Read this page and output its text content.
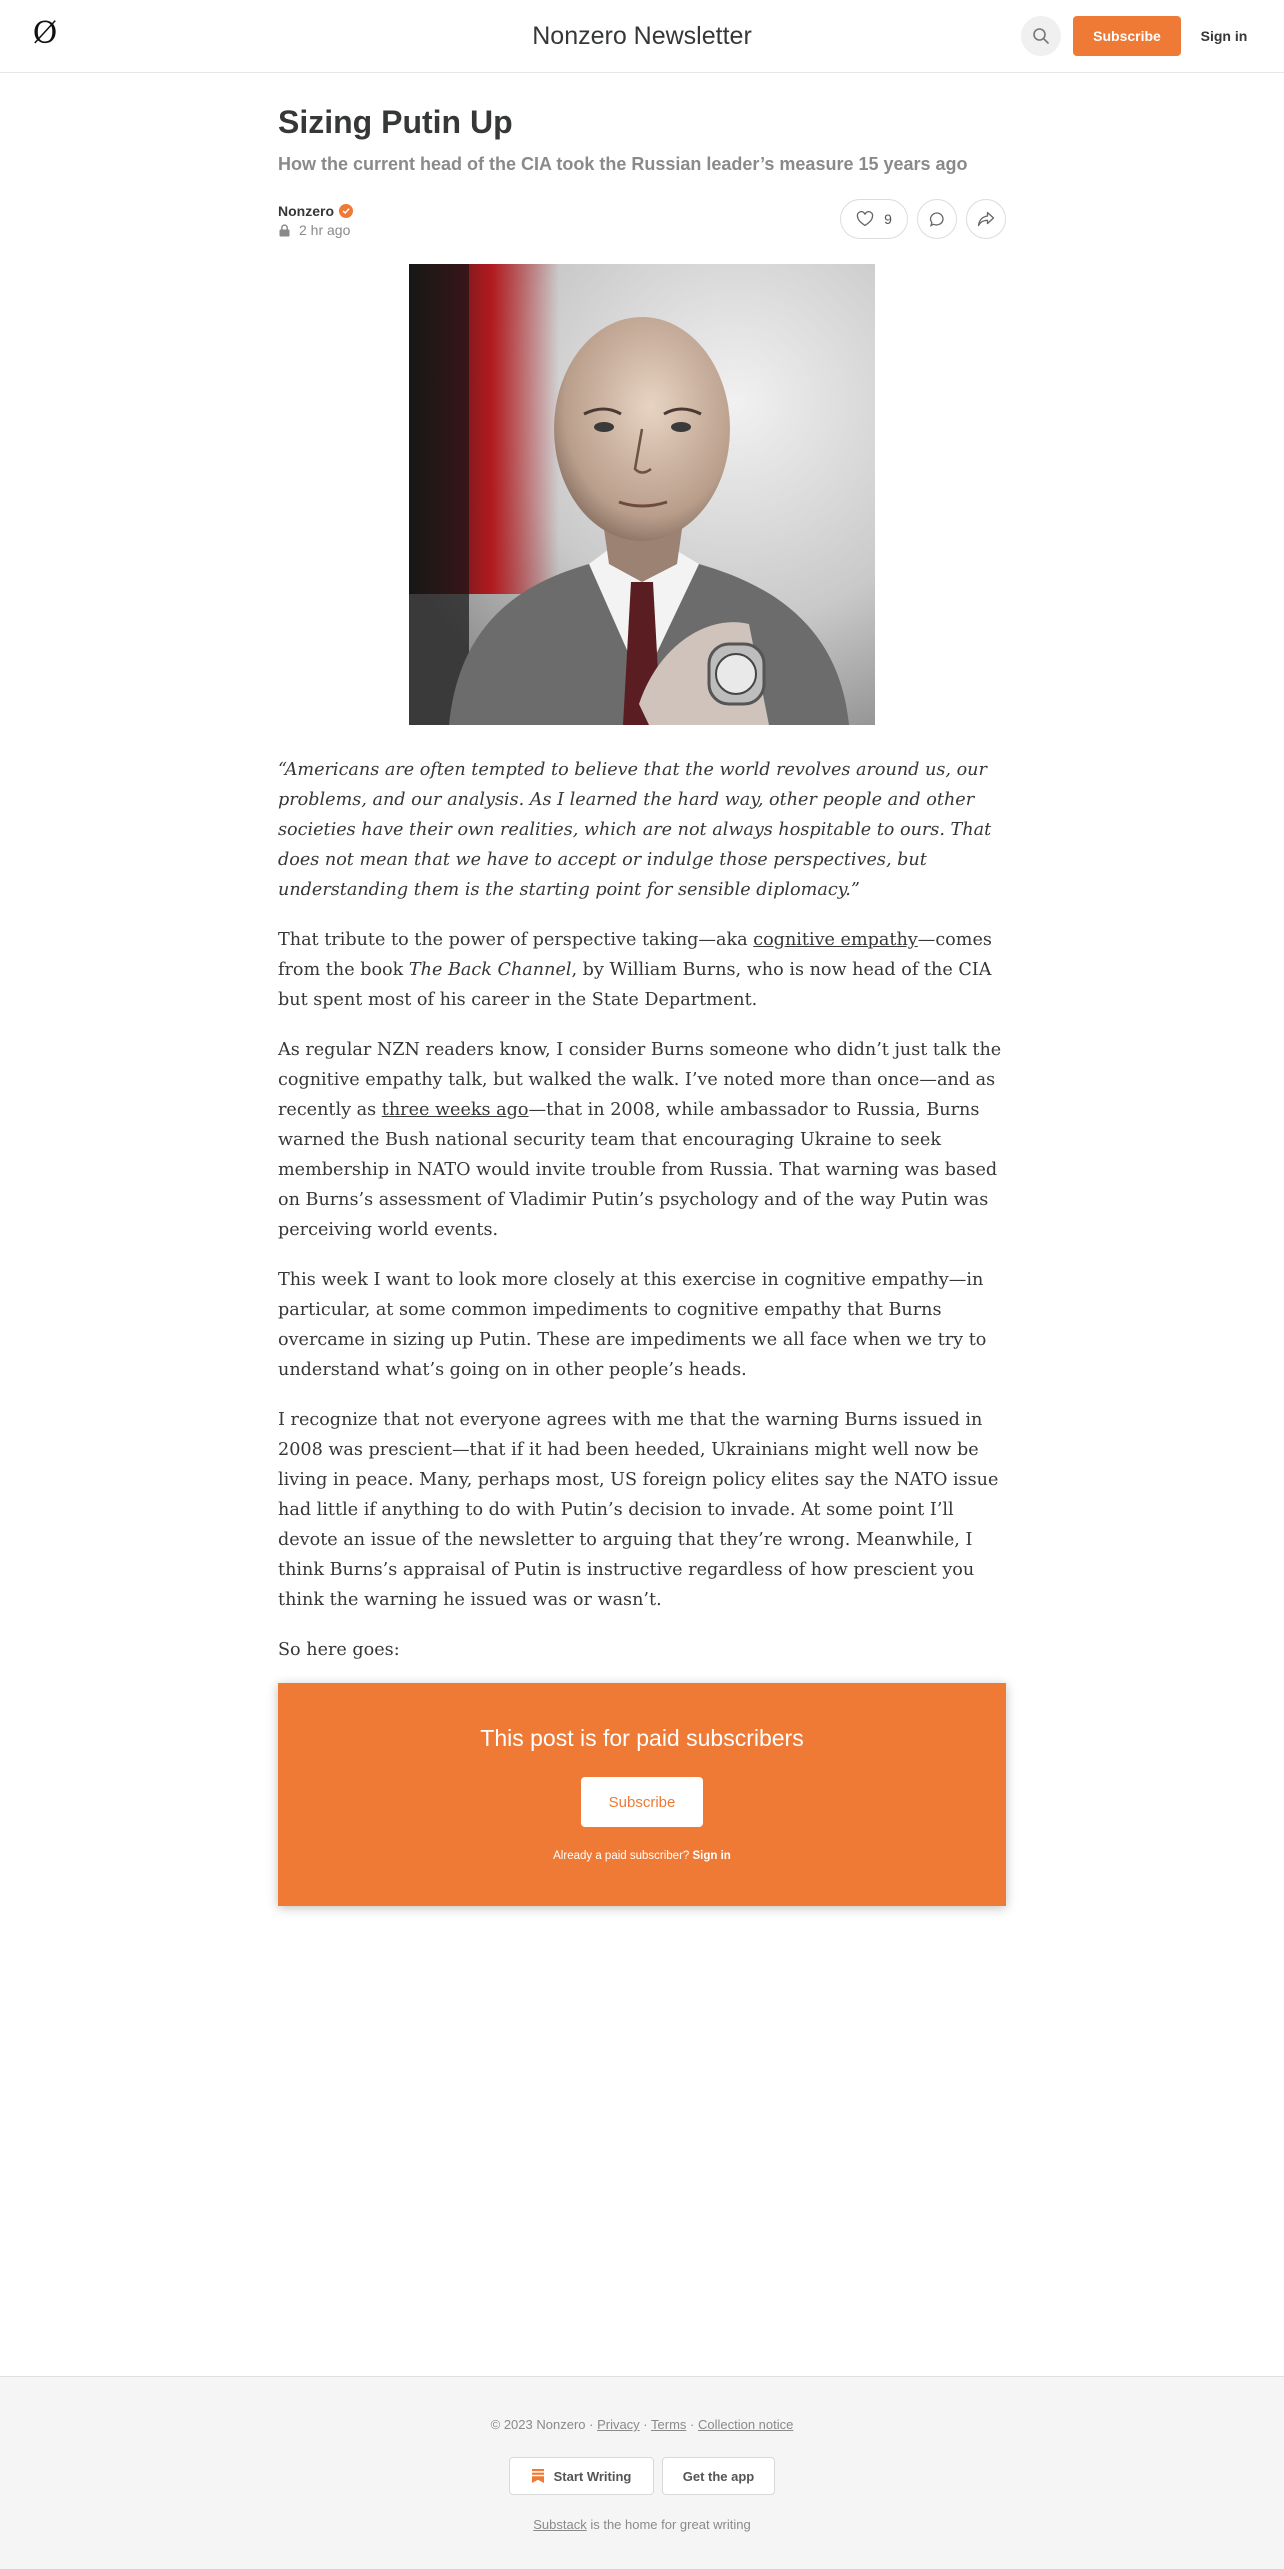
Ø	Nonzero Newsletter	Subscribe	Sign in
Sizing Putin Up
How the current head of the CIA took the Russian leader’s measure 15 years ago
Nonzero
2 hr ago
9

“Americans are often tempted to believe that the world revolves around us, our problems, and our analysis. As I learned the hard way, other people and other societies have their own realities, which are not always hospitable to ours. That does not mean that we have to accept or indulge those perspectives, but understanding them is the starting point for sensible diplomacy.”

That tribute to the power of perspective taking—aka cognitive empathy—comes from the book The Back Channel, by William Burns, who is now head of the CIA but spent most of his career in the State Department.

As regular NZN readers know, I consider Burns someone who didn’t just talk the cognitive empathy talk, but walked the walk. I’ve noted more than once—and as recently as three weeks ago—that in 2008, while ambassador to Russia, Burns warned the Bush national security team that encouraging Ukraine to seek membership in NATO would invite trouble from Russia. That warning was based on Burns’s assessment of Vladimir Putin’s psychology and of the way Putin was perceiving world events.

This week I want to look more closely at this exercise in cognitive empathy—in particular, at some common impediments to cognitive empathy that Burns overcame in sizing up Putin. These are impediments we all face when we try to understand what’s going on in other people’s heads.

I recognize that not everyone agrees with me that the warning Burns issued in 2008 was prescient—that if it had been heeded, Ukrainians might well now be living in peace. Many, perhaps most, US foreign policy elites say the NATO issue had little if anything to do with Putin’s decision to invade. At some point I’ll devote an issue of the newsletter to arguing that they’re wrong. Meanwhile, I think Burns’s appraisal of Putin is instructive regardless of how prescient you think the warning he issued was or wasn’t.

So here goes:

This post is for paid subscribers
Subscribe
Already a paid subscriber? Sign in
© 2023 Nonzero · Privacy · Terms · Collection notice
Start Writing	Get the app
Substack is the home for great writing
